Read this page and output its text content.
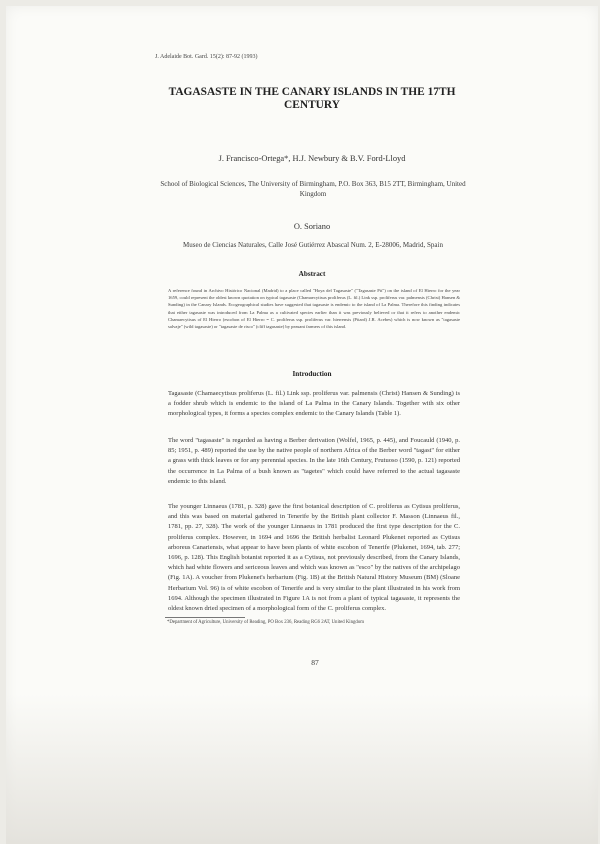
J. Adelaide Bot. Gard. 15(2): 87-92 (1993)
TAGASASTE IN THE CANARY ISLANDS IN THE 17TH CENTURY
J. Francisco-Ortega*, H.J. Newbury & B.V. Ford-Lloyd
School of Biological Sciences, The University of Birmingham, P.O. Box 363, B15 2TT, Birmingham, United Kingdom
O. Soriano
Museo de Ciencias Naturales, Calle José Gutiérrez Abascal Num. 2, E-28006, Madrid, Spain
Abstract

A reference found in Archivo Histórico Nacional (Madrid) to a place called "Hoya del Tagasaste" ("Tagasaste Pit") on the island of El Hierro for the year 1659, could represent the oldest known quotation on typical tagasaste (Chamaecytisus proliferus (L. fil.) Link ssp. proliferus var. palmensis (Christ) Hansen & Sunding) in the Canary Islands. Ecogeographical studies have suggested that tagasaste is endemic to the island of La Palma. Therefore this finding indicates that either tagasaste was introduced from La Palma as a cultivated species earlier than it was previously believed or that it refers to another endemic Chamaecytisus of El Hierro (escobon of El Hierro = C. proliferus ssp. proliferus var. hierrensis (Pitard) J.R. Acebes) which is now known as "tagasaste salvaje" (wild tagasaste) or "tagasaste de risco" (cliff tagasaste) by peasant farmers of this island.

Introduction

Tagasaste (Chamaecytisus proliferus (L. fil.) Link ssp. proliferus var. palmensis (Christ) Hansen & Sunding) is a fodder shrub which is endemic to the island of La Palma in the Canary Islands. Together with six other morphological types, it forms a species complex endemic to the Canary Islands (Table 1).

The word "tagasaste" is regarded as having a Berber derivation (Wolfel, 1965, p. 445), and Foucauld (1940, p. 85; 1951, p. 489) reported the use by the native people of northern Africa of the Berber word "tagast" for either a grass with thick leaves or for any perennial species. In the late 16th Century, Frutuoso (1590, p. 121) reported the occurrence in La Palma of a bush known as "tagetes" which could have referred to the actual tagasaste endemic to this island.

The younger Linnaeus (1781, p. 328) gave the first botanical description of C. proliferus as Cytisus proliferus, and this was based on material gathered in Tenerife by the British plant collector F. Masson (Linnaeus fil., 1781, pp. 27, 328). The work of the younger Linnaeus in 1781 produced the first type description for the C. proliferus complex. However, in 1694 and 1696 the British herbalist Leonard Plukenet reported as Cytisus arboreus Canariensis, what appear to have been plants of white escobon of Tenerife (Plukenet, 1694, tab. 277; 1696, p. 128). This English botanist reported it as a Cytisus, not previously described, from the Canary Islands, which had white flowers and sericeous leaves and which was known as "esco" by the natives of the archipelago (Fig. 1A). A voucher from Plukenet's herbarium (Fig. 1B) at the British Natural History Museum (BM) (Sloane Herbarium Vol. 96) is of white escobon of Tenerife and is very similar to the plant illustrated in his work from 1694. Although the specimen illustrated in Figure 1A is not from a plant of typical tagasaste, it represents the oldest known dried specimen of a morphological form of the C. proliferus complex.

*Department of Agriculture, University of Reading, PO Box 236, Reading RG6 2AT, United Kingdom
87
